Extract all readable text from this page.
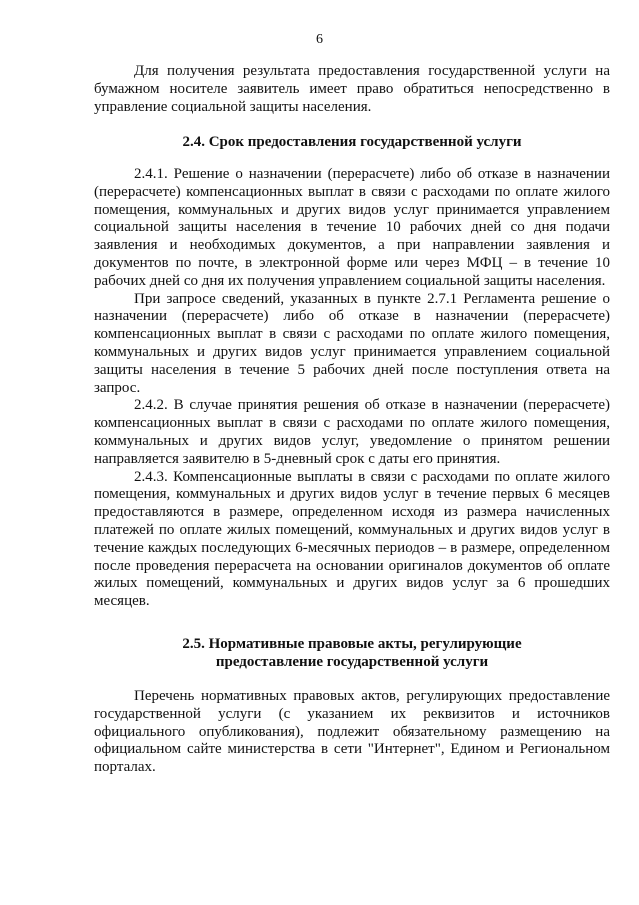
6

Для получения результата предоставления государственной услуги на бумажном носителе заявитель имеет право обратиться непосредственно в управление социальной защиты населения.

2.4. Срок предоставления государственной услуги

2.4.1. Решение о назначении (перерасчете) либо об отказе в назначении (перерасчете) компенсационных выплат в связи с расходами по оплате жилого помещения, коммунальных и других видов услуг принимается управлением социальной защиты населения в течение 10 рабочих дней со дня подачи заявления и необходимых документов, а при направлении заявления и документов по почте, в электронной форме или через МФЦ – в течение 10 рабочих дней со дня их получения управлением социальной защиты населения.

При запросе сведений, указанных в пункте 2.7.1 Регламента решение о назначении (перерасчете) либо об отказе в назначении (перерасчете) компенсационных выплат в связи с расходами по оплате жилого помещения, коммунальных и других видов услуг принимается управлением социальной защиты населения в течение 5 рабочих дней после поступления ответа на запрос.

2.4.2. В случае принятия решения об отказе в назначении (перерасчете) компенсационных выплат в связи с расходами по оплате жилого помещения, коммунальных и других видов услуг, уведомление о принятом решении направляется заявителю в 5-дневный срок с даты его принятия.

2.4.3. Компенсационные выплаты в связи с расходами по оплате жилого помещения, коммунальных и других видов услуг в течение первых 6 месяцев предоставляются в размере, определенном исходя из размера начисленных платежей по оплате жилых помещений, коммунальных и других видов услуг в течение каждых последующих 6-месячных периодов – в размере, определенном после проведения перерасчета на основании оригиналов документов об оплате жилых помещений, коммунальных и других видов услуг за 6 прошедших месяцев.

2.5. Нормативные правовые акты, регулирующие
предоставление государственной услуги

Перечень нормативных правовых актов, регулирующих предоставление государственной услуги (с указанием их реквизитов и источников официального опубликования), подлежит обязательному размещению на официальном сайте министерства в сети "Интернет", Едином и Региональном порталах.
